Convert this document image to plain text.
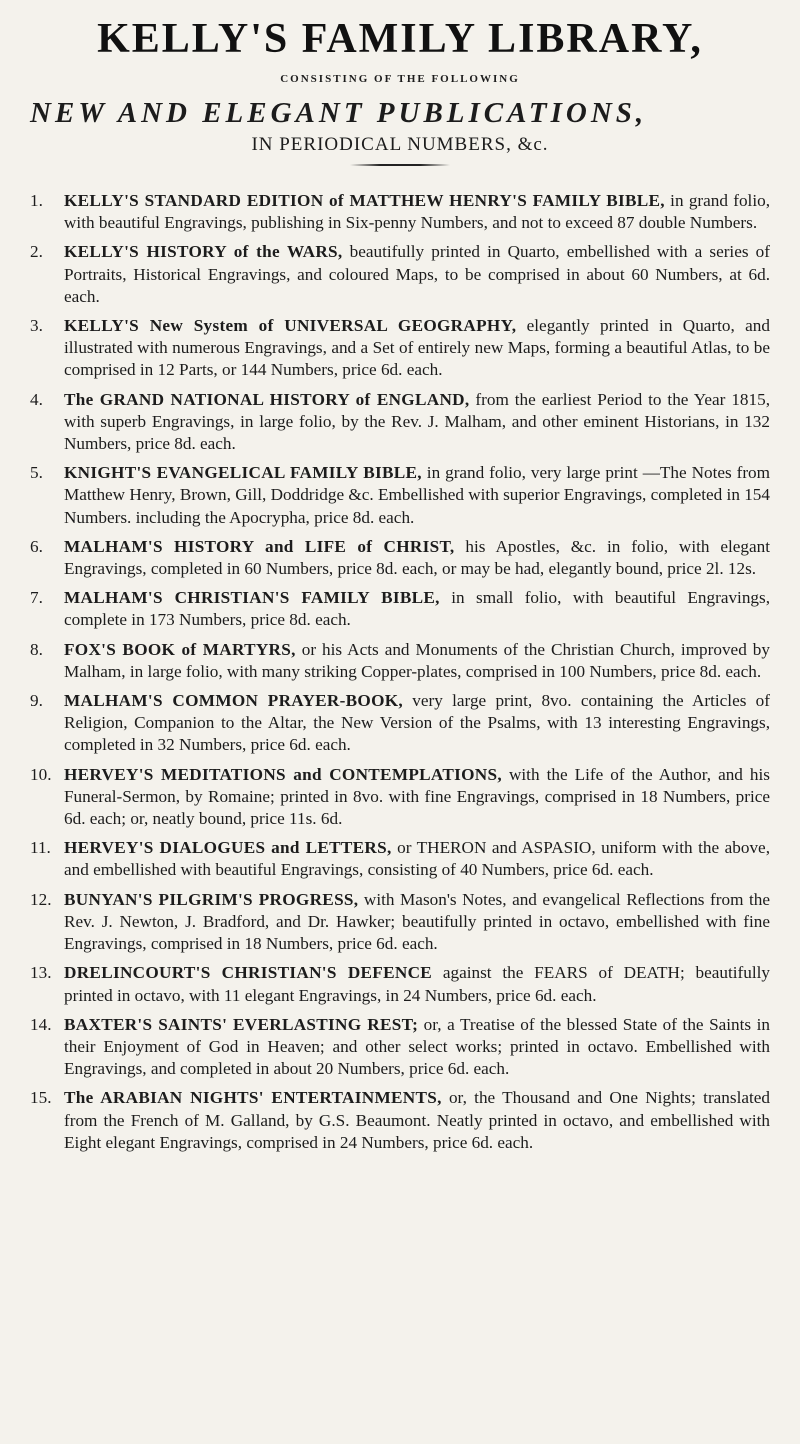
KELLY'S FAMILY LIBRARY,
CONSISTING OF THE FOLLOWING
NEW AND ELEGANT PUBLICATIONS,
IN PERIODICAL NUMBERS, &c.
1.	KELLY'S STANDARD EDITION of MATTHEW HENRY'S FAMILY BIBLE, in grand folio, with beautiful Engravings, publishing in Six-penny Numbers, and not to exceed 87 double Numbers.
2.	KELLY'S HISTORY of the WARS, beautifully printed in Quarto, embellished with a series of Portraits, Historical Engravings, and coloured Maps, to be comprised in about 60 Numbers, at 6d. each.
3.	KELLY'S New System of UNIVERSAL GEOGRAPHY, elegantly printed in Quarto, and illustrated with numerous Engravings, and a Set of entirely new Maps, forming a beautiful Atlas, to be comprised in 12 Parts, or 144 Numbers, price 6d. each.
4.	The GRAND NATIONAL HISTORY of ENGLAND, from the earliest Period to the Year 1815, with superb Engravings, in large folio, by the Rev. J. Malham, and other eminent Historians, in 132 Numbers, price 8d. each.
5.	KNIGHT'S EVANGELICAL FAMILY BIBLE, in grand folio, very large print —The Notes from Matthew Henry, Brown, Gill, Doddridge &c. Embellished with superior Engravings, completed in 154 Numbers. including the Apocrypha, price 8d. each.
6.	MALHAM'S HISTORY and LIFE of CHRIST, his Apostles, &c. in folio, with elegant Engravings, completed in 60 Numbers, price 8d. each, or may be had, elegantly bound, price 2l. 12s.
7.	MALHAM'S CHRISTIAN'S FAMILY BIBLE, in small folio, with beautiful Engravings, complete in 173 Numbers, price 8d. each.
8.	FOX'S BOOK of MARTYRS, or his Acts and Monuments of the Christian Church, improved by Malham, in large folio, with many striking Copper-plates, comprised in 100 Numbers, price 8d. each.
9.	MALHAM'S COMMON PRAYER-BOOK, very large print, 8vo. containing the Articles of Religion, Companion to the Altar, the New Version of the Psalms, with 13 interesting Engravings, completed in 32 Numbers, price 6d. each.
10. HERVEY'S MEDITATIONS and CONTEMPLATIONS, with the Life of the Author, and his Funeral-Sermon, by Romaine; printed in 8vo. with fine Engravings, comprised in 18 Numbers, price 6d. each; or, neatly bound, price 11s. 6d.
11. HERVEY'S DIALOGUES and LETTERS, or THERON and ASPASIO, uniform with the above, and embellished with beautiful Engravings, consisting of 40 Numbers, price 6d. each.
12. BUNYAN'S PILGRIM'S PROGRESS, with Mason's Notes, and evangelical Reflections from the Rev. J. Newton, J. Bradford, and Dr. Hawker; beautifully printed in octavo, embellished with fine Engravings, comprised in 18 Numbers, price 6d. each.
13. DRELINCOURT'S CHRISTIAN'S DEFENCE against the FEARS of DEATH; beautifully printed in octavo, with 11 elegant Engravings, in 24 Numbers, price 6d. each.
14. BAXTER'S SAINTS' EVERLASTING REST; or, a Treatise of the blessed State of the Saints in their Enjoyment of God in Heaven; and other select works; printed in octavo. Embellished with Engravings, and completed in about 20 Numbers, price 6d. each.
15. The ARABIAN NIGHTS' ENTERTAINMENTS, or, the Thousand and One Nights; translated from the French of M. Galland, by G.S. Beaumont. Neatly printed in octavo, and embellished with Eight elegant Engravings, comprised in 24 Numbers, price 6d. each.
